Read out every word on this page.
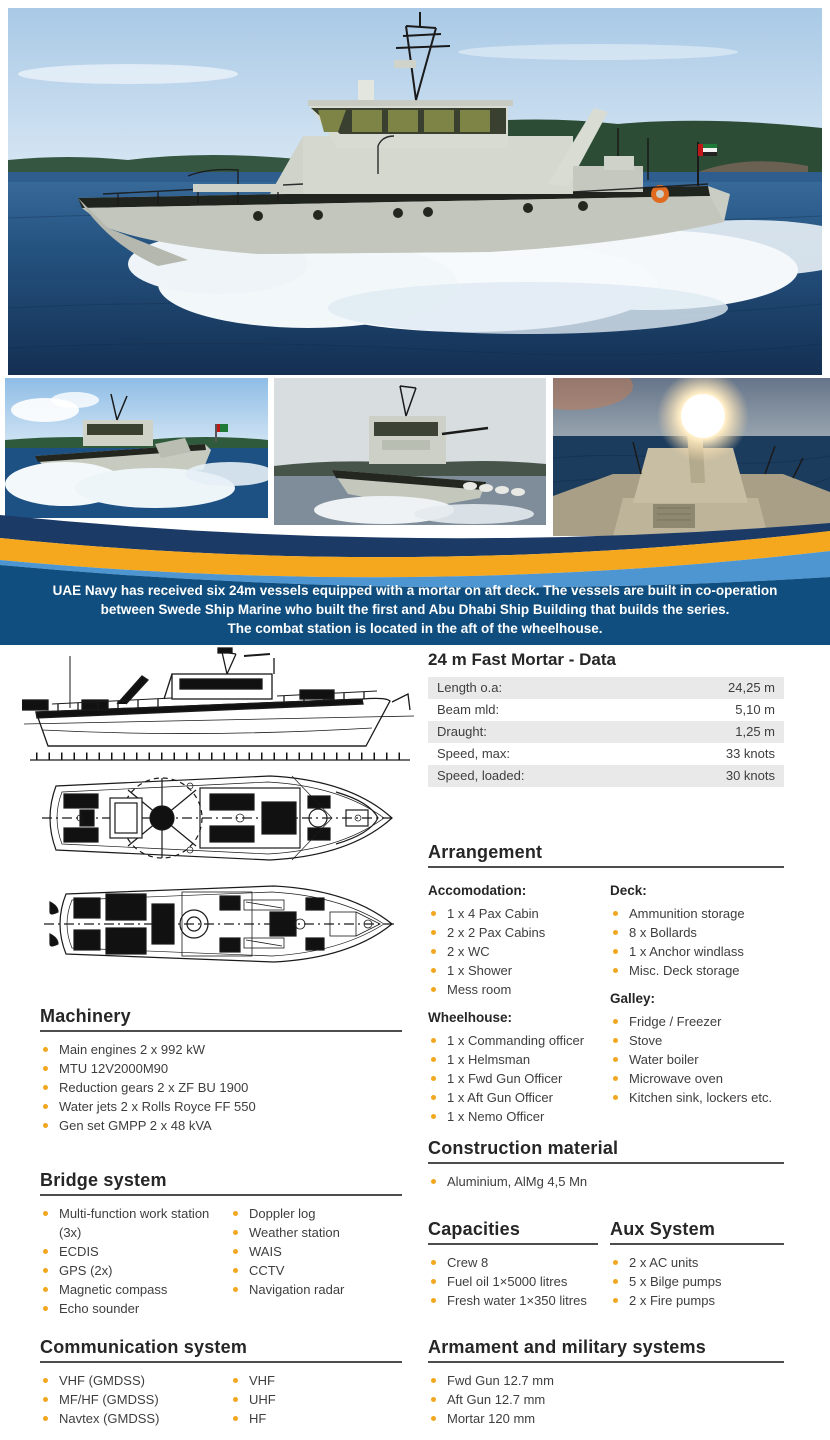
UAE Navy has received six 24m vessels equipped with a mortar on aft deck. The vessels are built in co-operation
between Swede Ship Marine who built the first and Abu Dhabi Ship Building that builds the series.
The combat station is located in the aft of the wheelhouse.
24 m Fast Mortar - Data
Length o.a:	24,25 m
Beam mld:	5,10 m
Draught:	1,25 m
Speed, max:	33 knots
Speed, loaded:	30 knots
Arrangement
Accomodation:
1 x 4 Pax Cabin
2 x 2 Pax Cabins
2 x WC
1 x Shower
Mess room
Wheelhouse:
1 x Commanding officer
1 x Helmsman
1 x Fwd Gun Officer
1 x Aft Gun Officer
1 x Nemo Officer
Deck:
Ammunition storage
8 x Bollards
1 x Anchor windlass
Misc. Deck storage
Galley:
Fridge / Freezer
Stove
Water boiler
Microwave oven
Kitchen sink, lockers etc.
Machinery
Main engines 2 x 992 kW
MTU 12V2000M90
Reduction gears 2 x ZF BU 1900
Water jets 2 x Rolls Royce FF 550
Gen set GMPP 2 x 48 kVA
Bridge system
Multi-function work station (3x)
ECDIS
GPS (2x)
Magnetic compass
Echo sounder
Doppler log
Weather station
WAIS
CCTV
Navigation radar
Construction material
Aluminium, AlMg 4,5 Mn
Capacities
Crew 8
Fuel oil 1×5000 litres
Fresh water 1×350 litres
Aux System
2 x AC units
5 x Bilge pumps
2 x Fire pumps
Communication system
VHF (GMDSS)
MF/HF (GMDSS)
Navtex (GMDSS)
VHF
UHF
HF
Armament and military systems
Fwd Gun 12.7 mm
Aft Gun 12.7 mm
Mortar 120 mm
